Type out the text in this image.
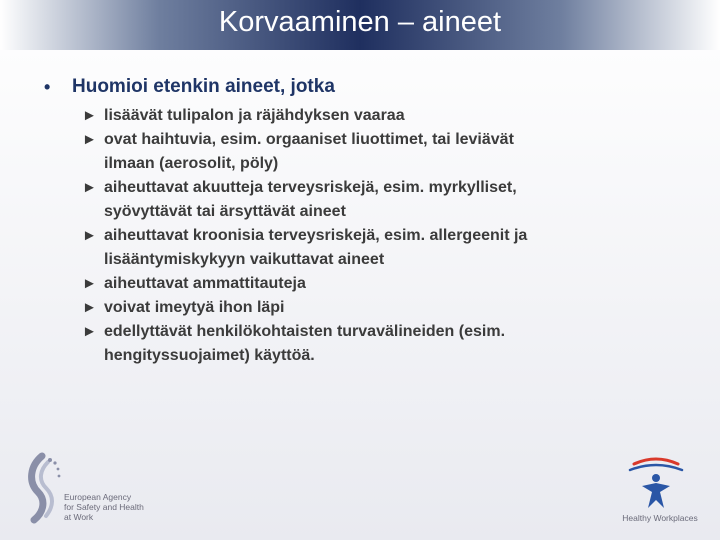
Korvaaminen – aineet
•	Huomioi etenkin aineet, jotka
► lisäävät tulipalon ja räjähdyksen vaaraa
► ovat haihtuvia, esim. orgaaniset liuottimet, tai leviävät
ilmaan (aerosolit, pöly)
► aiheuttavat akuutteja terveysriskejä, esim. myrkylliset,
syövyttävät tai ärsyttävät aineet
► aiheuttavat kroonisia terveysriskejä, esim. allergeenit ja
lisääntymiskykyyn vaikuttavat aineet
► aiheuttavat ammattitauteja
► voivat imeytyä ihon läpi
► edellyttävät henkilökohtaisten turvavälineiden (esim.
hengityssuojaimet) käyttöä.
European Agency
for Safety and Health
at Work	Healthy Workplaces
